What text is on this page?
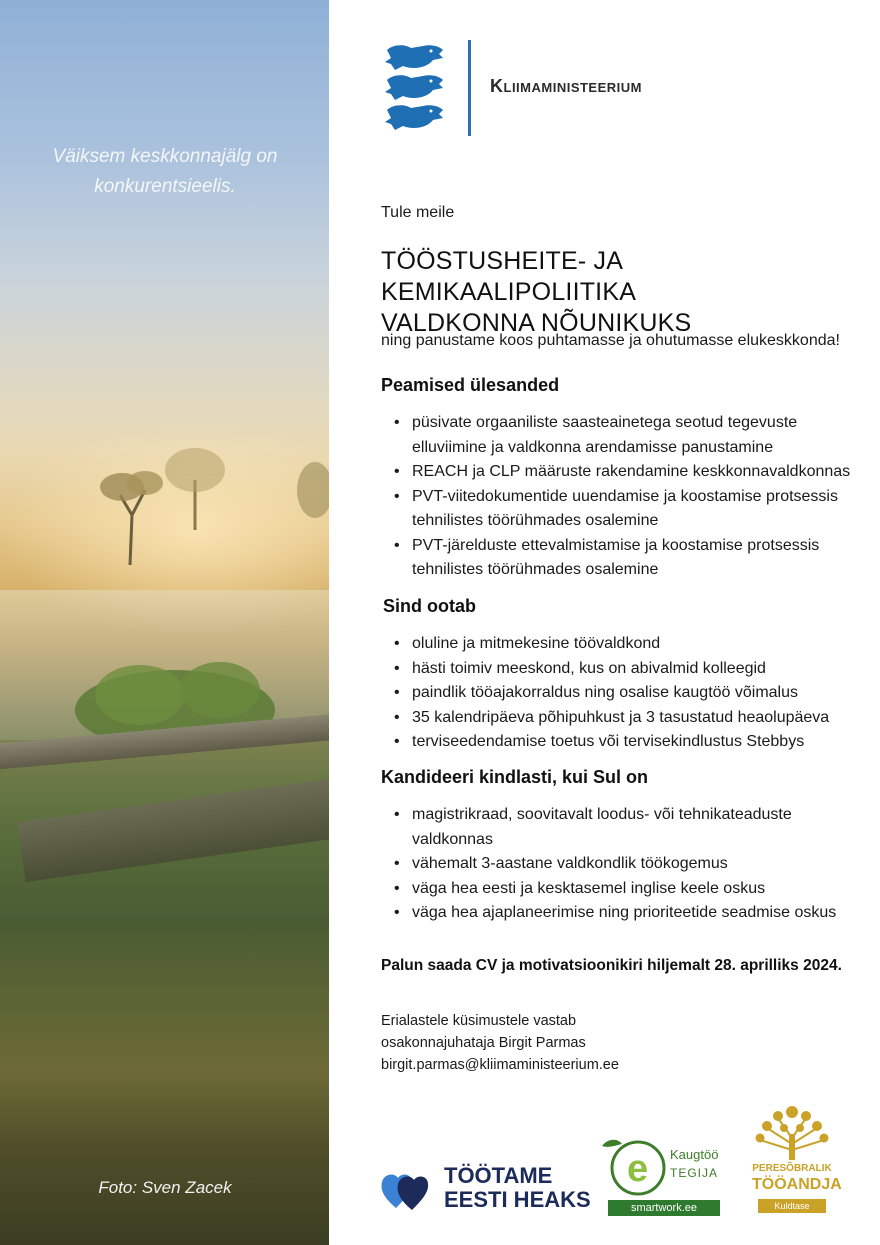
Väiksem keskkonnajälg on
konkurentsieelis.
Foto: Sven Zacek
Kliimaministeerium
Tule meile
TÖÖSTUSHEITE- JA KEMIKAALIPOLIITIKA
VALDKONNA NÕUNIKUKS
ning panustame koos puhtamasse ja ohutumasse elukeskkonda!
Peamised ülesanded
• püsivate orgaaniliste saasteainetega seotud tegevuste elluviimine ja valdkonna arendamisse panustamine
• REACH ja CLP määruste rakendamine keskkonnavaldkonnas
• PVT-viitedokumentide uuendamise ja koostamise protsessis tehnilistes töörühmades osalemine
• PVT-järelduste ettevalmistamise ja koostamise protsessis tehnilistes töörühmades osalemine
Sind ootab
• oluline ja mitmekesine töövaldkond
• hästi toimiv meeskond, kus on abivalmid kolleegid
• paindlik tööajakorraldus ning osalise kaugtöö võimalus
• 35 kalendripäeva põhipuhkust ja 3 tasustatud heaolupäeva
• terviseedendamise toetus või tervisekindlustus Stebbys
Kandideeri kindlasti, kui Sul on
• magistrikraad, soovitavalt loodus- või tehnikateaduste valdkonnas
• vähemalt 3-aastane valdkondlik töökogemus
• väga hea eesti ja kesktasemel inglise keele oskus
• väga hea ajaplaneerimise ning prioriteetide seadmise oskus
Palun saada CV ja motivatsioonikiri hiljemalt 28. aprilliks 2024.
Erialastele küsimustele vastab
osakonnajuhataja Birgit Parmas
birgit.parmas@kliimaministeerium.ee
TÖÖTAME
EESTI HEAKS
e Kaugtöö
TEGIJA
smartwork.ee
PERESÕBRALIK
TÖÖANDJA
Kuldtase
